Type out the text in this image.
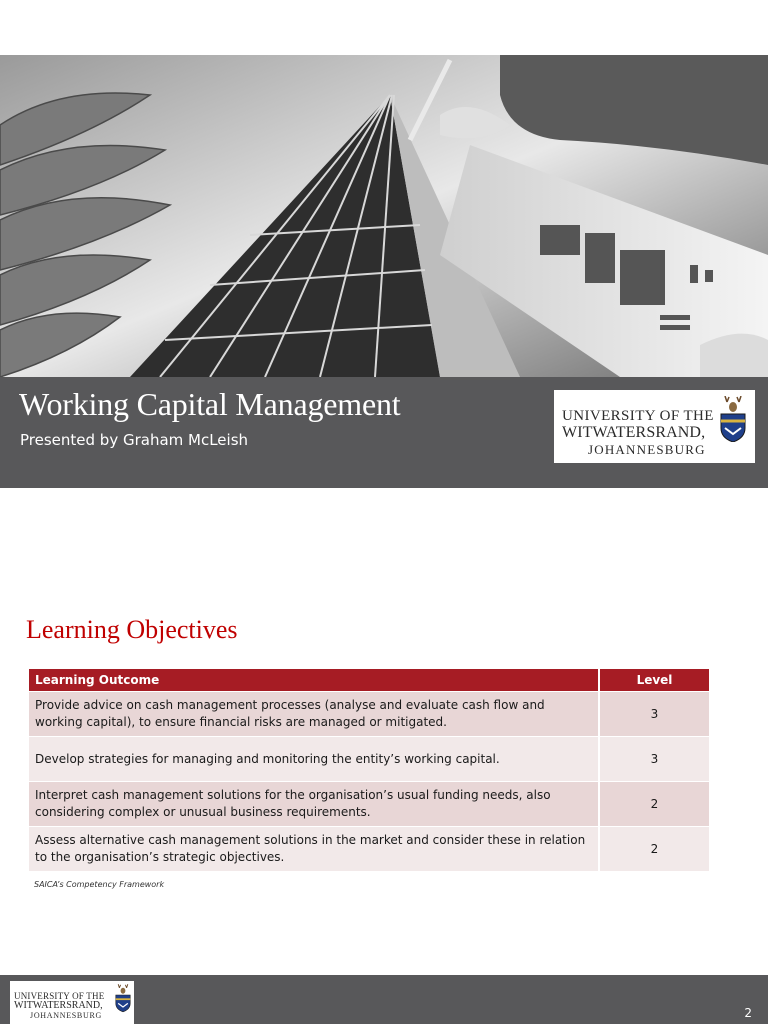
Working Capital Management
Presented by Graham McLeish
UNIVERSITY OF THE
WITWATERSRAND,
JOHANNESBURG
Learning Objectives
Learning Outcome	Level
Provide advice on cash management processes (analyse and evaluate cash flow and working capital), to ensure financial risks are managed or mitigated.	3
Develop strategies for managing and monitoring the entity’s working capital.	3
Interpret cash management solutions for the organisation’s usual funding needs, also considering complex or unusual business requirements.	2
Assess alternative cash management solutions in the market and consider these in relation to the organisation’s strategic objectives.	2
SAICA’s Competency Framework
UNIVERSITY OF THE
WITWATERSRAND,
JOHANNESBURG	2
